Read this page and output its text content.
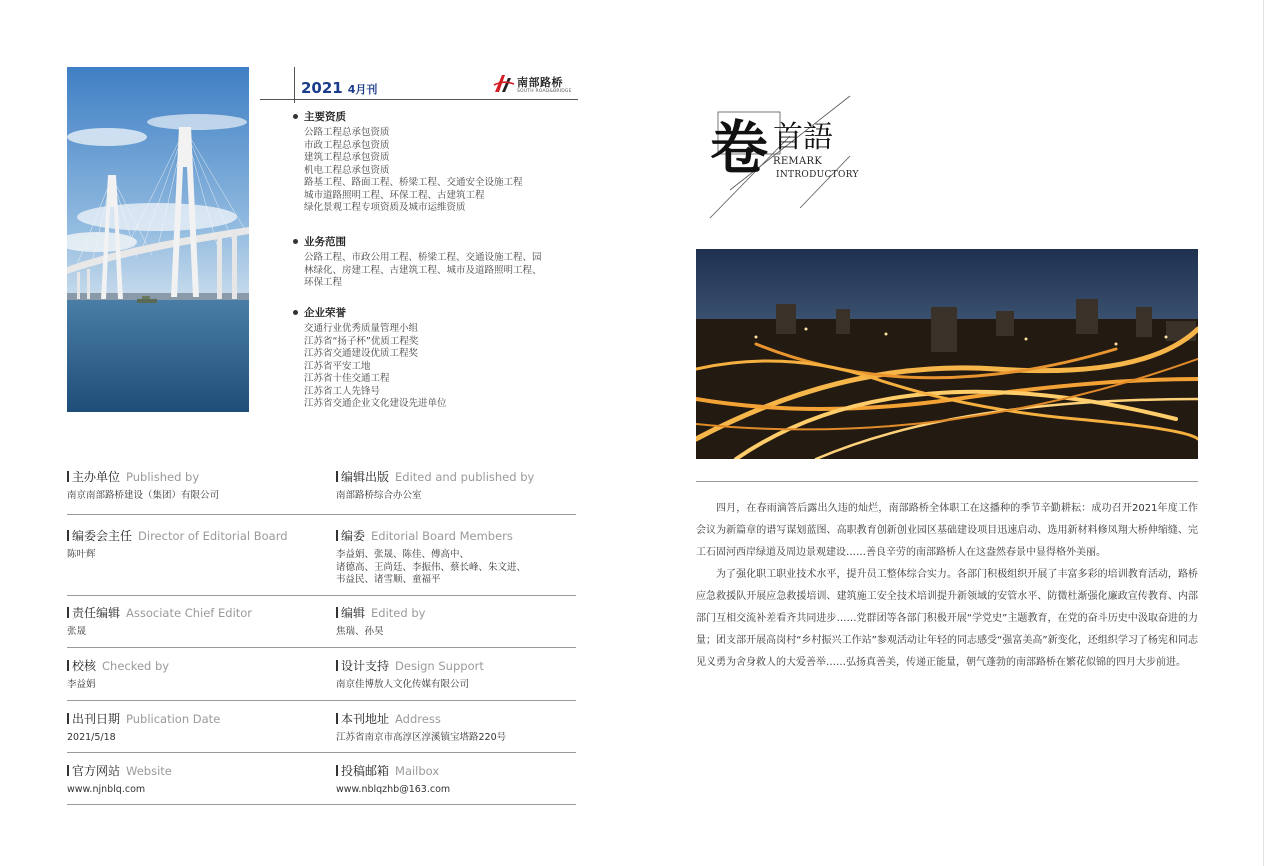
2021 4月刊
南部路桥
SOUTH ROAD&BRIDGE
主要资质
公路工程总承包资质
市政工程总承包资质
建筑工程总承包资质
机电工程总承包资质
路基工程、路面工程、桥梁工程、交通安全设施工程
城市道路照明工程、环保工程、古建筑工程
绿化景观工程专项资质及城市运维资质
业务范围
公路工程、市政公用工程、桥梁工程、交通设施工程、园
林绿化、房建工程、古建筑工程、城市及道路照明工程、
环保工程
企业荣誉
交通行业优秀质量管理小组
江苏省“扬子杯”优质工程奖
江苏省交通建设优质工程奖
江苏省平安工地
江苏省十佳交通工程
江苏省工人先锋号
江苏省交通企业文化建设先进单位
主办单位 Published by
南京南部路桥建设（集团）有限公司
编辑出版 Edited and published by
南部路桥综合办公室
编委会主任 Director of Editorial Board
陈叶辉
编委 Editorial Board Members
李益娟、张晟、陈佳、傅高中、
诸德高、王尚廷、李振伟、蔡长峰、朱文进、
韦益民、诸雪顺、童福平
责任编辑 Associate Chief Editor
张晟
编辑 Edited by
焦瑞、孙昊
校核 Checked by
李益娟
设计支持 Design Support
南京佳博敖人文化传媒有限公司
出刊日期 Publication Date
2021/5/18
本刊地址 Address
江苏省南京市高淳区淳溪镇宝塔路220号
官方网站 Website
www.njnblq.com
投稿邮箱 Mailbox
www.nblqzhb@163.com
卷 首語
REMARK
INTRODUCTORY

四月，在春雨滴答后露出久违的灿烂，南部路桥全体职工在这播种的季节辛勤耕耘：成功召开2021年度工作会议为新篇章的谱写谋划蓝图、高职教育创新创业园区基础建设项目迅速启动、选用新材料修凤翔大桥伸缩缝、完工石固河西岸绿道及周边景观建设……善良辛劳的南部路桥人在这盎然春景中显得格外美丽。

为了强化职工职业技术水平，提升员工整体综合实力。各部门积极组织开展了丰富多彩的培训教育活动，路桥应急救援队开展应急救援培训、建筑施工安全技术培训提升新领域的安管水平、防微杜渐强化廉政宣传教育、内部部门互相交流补差看齐共同进步……党群团等各部门积极开展“学党史”主题教育，在党的奋斗历史中汲取奋进的力量；团支部开展高岗村“乡村振兴工作站”参观活动让年轻的同志感受“强富美高”新变化，还组织学习了杨宪和同志见义勇为舍身救人的大爱善举……弘扬真善美，传递正能量，朝气蓬勃的南部路桥在繁花似锦的四月大步前进。
